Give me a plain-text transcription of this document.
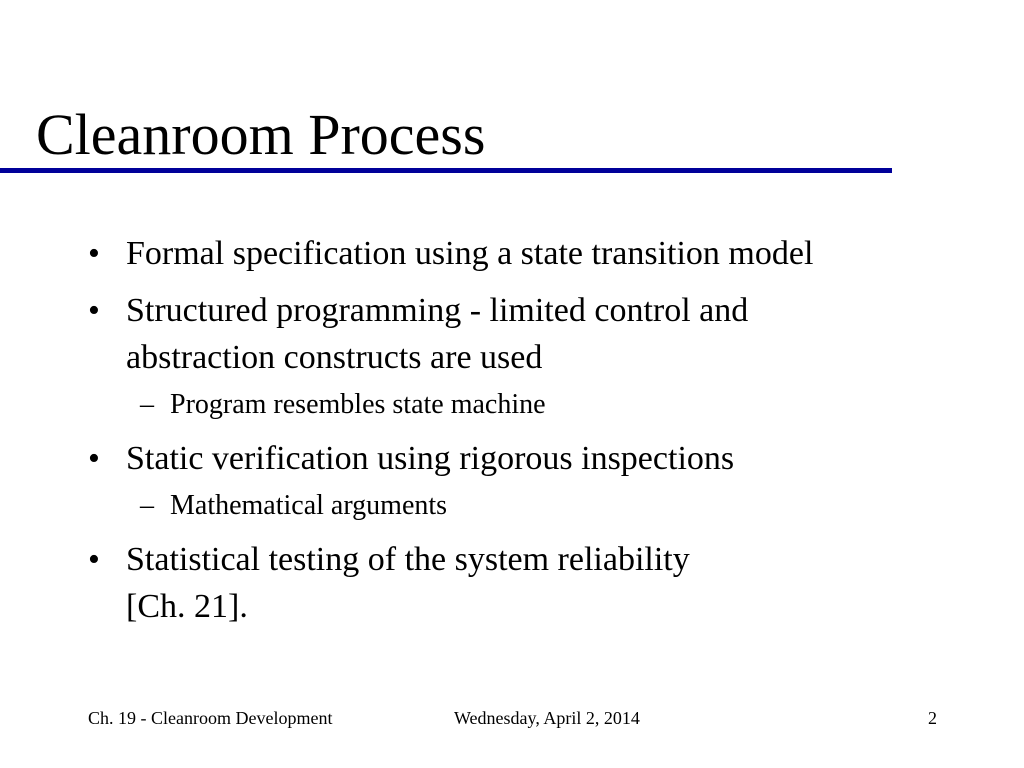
Cleanroom Process
• Formal specification using a state transition model
• Structured programming - limited control and
abstraction constructs are used
– Program resembles state machine
• Static verification using rigorous inspections
– Mathematical arguments
• Statistical testing of the system reliability
[Ch. 21].
Ch. 19 - Cleanroom Development	Wednesday, April 2, 2014	2
